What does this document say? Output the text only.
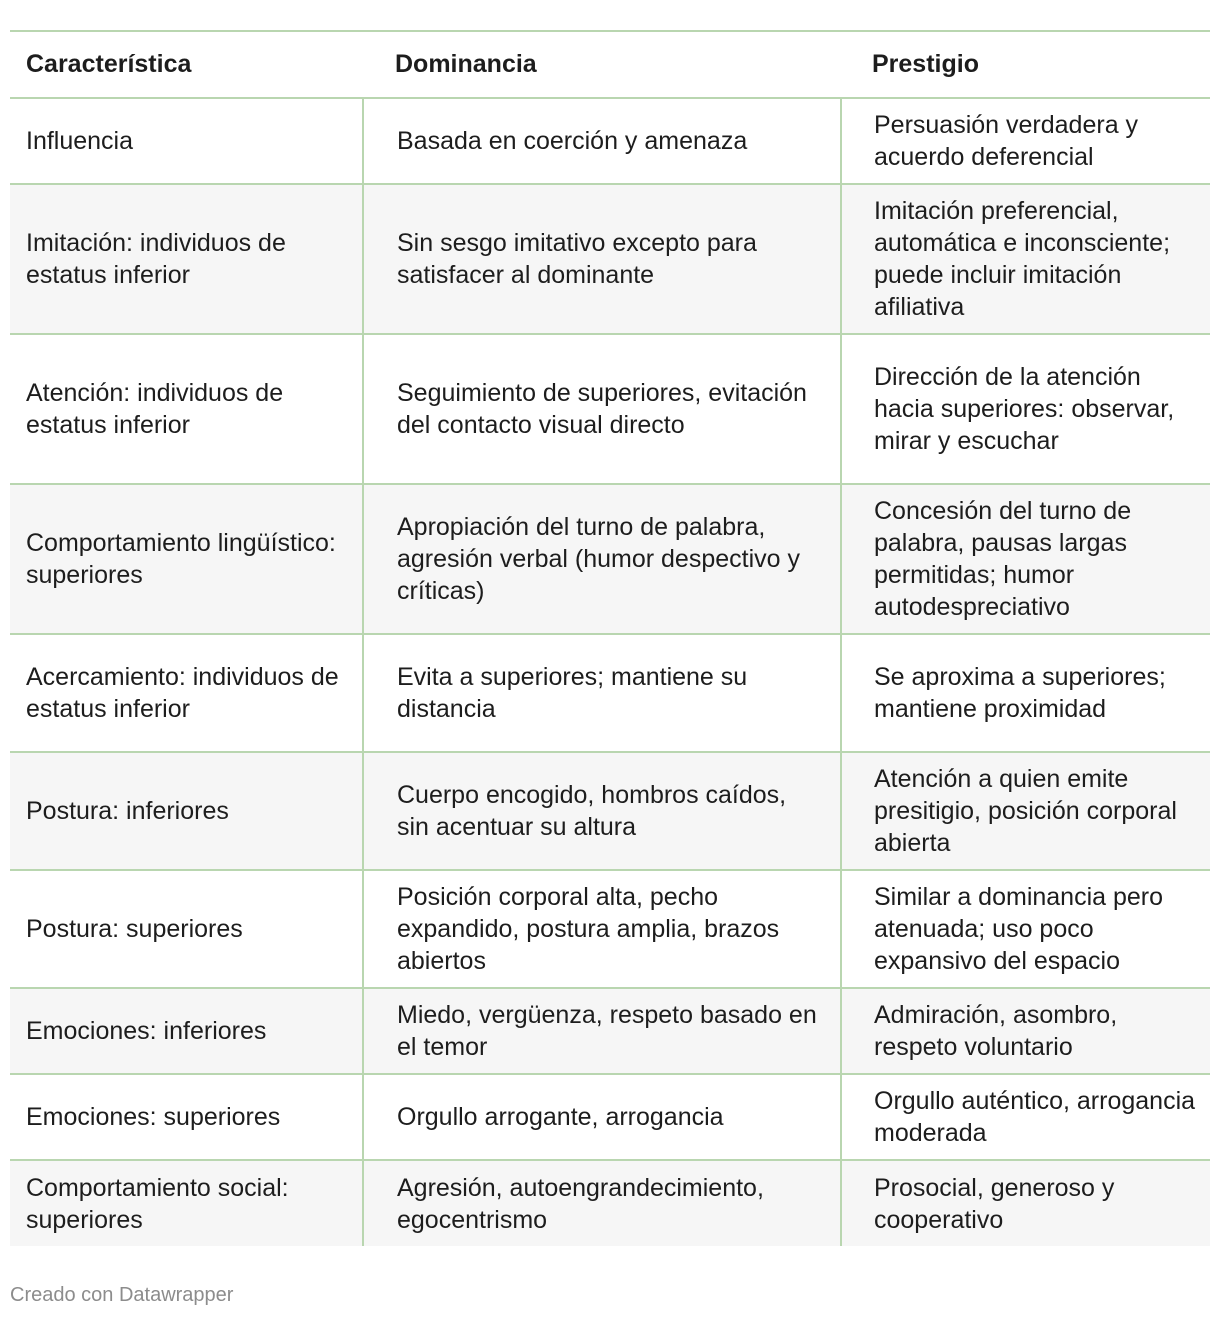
Característica	Dominancia	Prestigio
Influencia	Basada en coerción y amenaza	Persuasión verdadera y acuerdo deferencial
Imitación: individuos de estatus inferior	Sin sesgo imitativo excepto para satisfacer al dominante	Imitación preferencial, automática e inconsciente; puede incluir imitación afiliativa
Atención: individuos de estatus inferior	Seguimiento de superiores, evitación del contacto visual directo	Dirección de la atención hacia superiores: observar, mirar y escuchar
Comportamiento lingüístico: superiores	Apropiación del turno de palabra, agresión verbal (humor despectivo y críticas)	Concesión del turno de palabra, pausas largas permitidas; humor autodespreciativo
Acercamiento: individuos de estatus inferior	Evita a superiores; mantiene su distancia	Se aproxima a superiores; mantiene proximidad
Postura: inferiores	Cuerpo encogido, hombros caídos, sin acentuar su altura	Atención a quien emite presitigio, posición corporal abierta
Postura: superiores	Posición corporal alta, pecho expandido, postura amplia, brazos abiertos	Similar a dominancia pero atenuada; uso poco expansivo del espacio
Emociones: inferiores	Miedo, vergüenza, respeto basado en el temor	Admiración, asombro, respeto voluntario
Emociones: superiores	Orgullo arrogante, arrogancia	Orgullo auténtico, arrogancia moderada
Comportamiento social: superiores	Agresión, autoengrandecimiento, egocentrismo	Prosocial, generoso y cooperativo
Creado con Datawrapper
